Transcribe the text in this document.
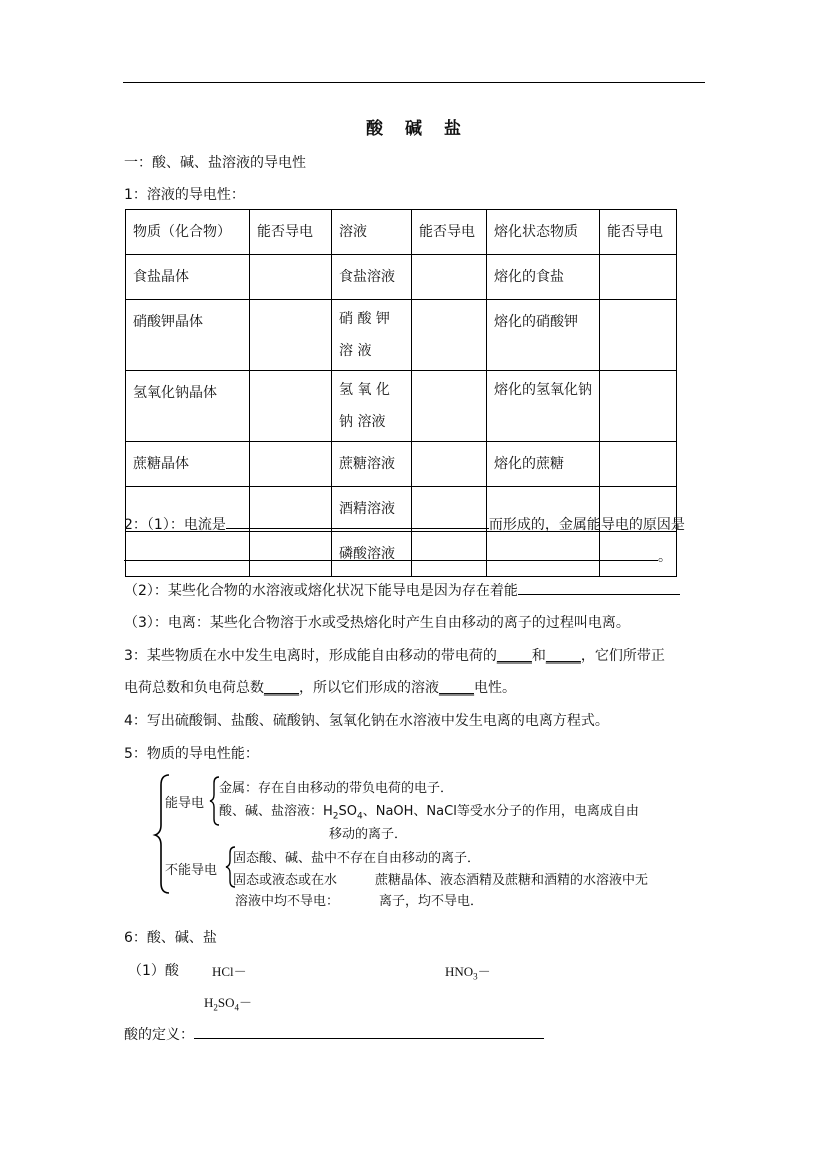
酸 碱 盐
一：酸、碱、盐溶液的导电性
1：溶液的导电性：
物质（化合物）	能否导电	溶液	能否导电	熔化状态物质	能否导电
食盐晶体		食盐溶液		熔化的食盐	
硝酸钾晶体		硝 酸 钾 溶 液		熔化的硝酸钾	
氢氧化钠晶体		氢 氧 化 钠 溶液		熔化的氢氧化钠	
蔗糖晶体		蔗糖溶液		熔化的蔗糖	
		酒精溶液			
		磷酸溶液			
2：（1）：电流是	而形成的，金属能导电的原因是
。
（2）：某些化合物的水溶液或熔化状况下能导电是因为存在着能
（3）：电离：某些化合物溶于水或受热熔化时产生自由移动的离子的过程叫电离。
3：某些物质在水中发生电离时，形成能自由移动的带电荷的_____和_____，它们所带正
电荷总数和负电荷总数_____，所以它们形成的溶液_____电性。
4：写出硫酸铜、盐酸、硫酸钠、氢氧化钠在水溶液中发生电离的电离方程式。
5：物质的导电性能：
能导电
金属：存在自由移动的带负电荷的电子．
酸、碱、盐溶液：$H_2SO_4$、NaOH、NaCl等受水分子的作用，电离成自由
移动的离子．
不能导电
固态酸、碱、盐中不存在自由移动的离子．
固态或液态或在水
溶液中均不导电：
蔗糖晶体、液态酒精及蔗糖和酒精的水溶液中无
离子，均不导电．
6：酸、碱、盐
（1）酸	HCl－	$HNO_3-$
$H_2SO_4-$
酸的定义：
